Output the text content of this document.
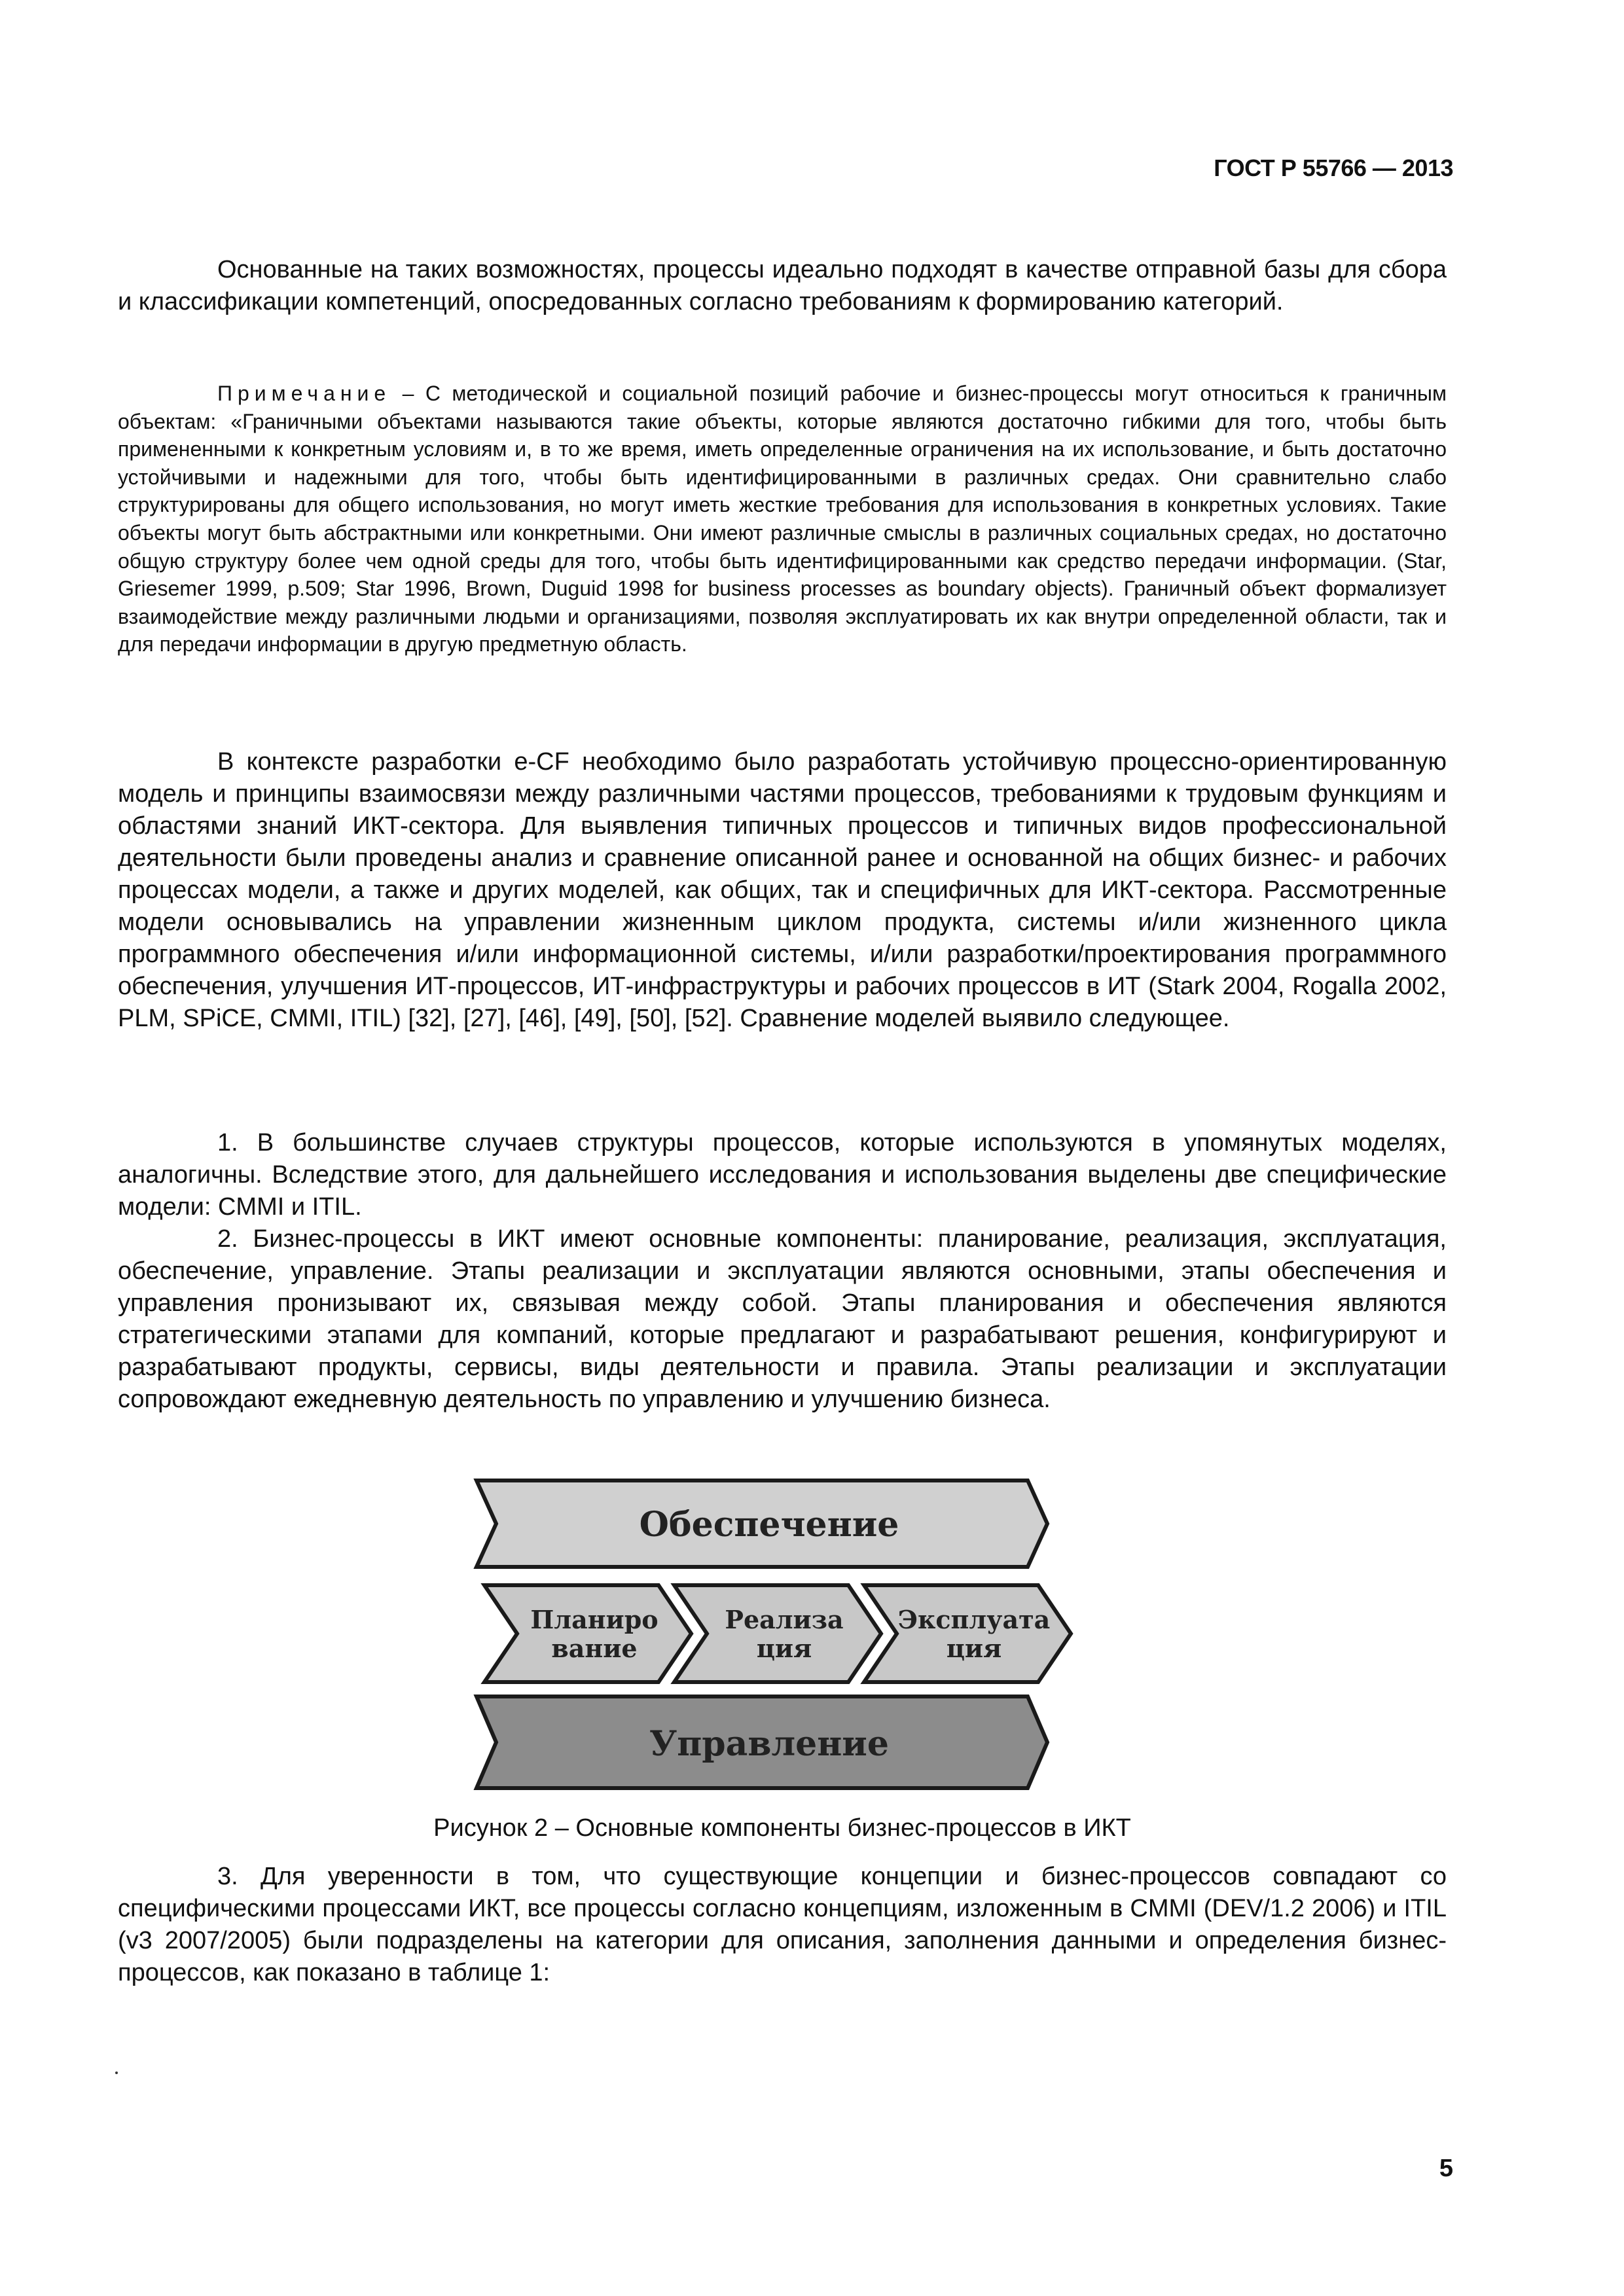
ГОСТ Р 55766 — 2013

Основанные на таких возможностях, процессы идеально подходят в качестве отправной базы для сбора и классификации компетенций, опосредованных согласно требованиям к формированию категорий.

Примечание – С методической и социальной позиций рабочие и бизнес-процессы могут относиться к граничным объектам: «Граничными объектами называются такие объекты, которые являются достаточно гибкими для того, чтобы быть примененными к конкретным условиям и, в то же время, иметь определенные ограничения на их использование, и быть достаточно устойчивыми и надежными для того, чтобы быть идентифицированными в различных средах. Они сравнительно слабо структурированы для общего использования, но могут иметь жесткие требования для использования в конкретных условиях. Такие объекты могут быть абстрактными или конкретными. Они имеют различные смыслы в различных социальных средах, но достаточно общую структуру более чем одной среды для того, чтобы быть идентифицированными как средство передачи информации. (Star, Griesemer 1999, p.509; Star 1996, Brown, Duguid 1998 for business processes as boundary objects). Граничный объект формализует взаимодействие между различными людьми и организациями, позволяя эксплуатировать их как внутри определенной области, так и для передачи информации в другую предметную область.

В контексте разработки e-CF необходимо было разработать устойчивую процессно-ориентированную модель и принципы взаимосвязи между различными частями процессов, требованиями к трудовым функциям и областями знаний ИКТ-сектора. Для выявления типичных процессов и типичных видов профессиональной деятельности были проведены анализ и сравнение описанной ранее и основанной на общих бизнес- и рабочих процессах модели, а также и других моделей, как общих, так и специфичных для ИКТ-сектора. Рассмотренные модели основывались на управлении жизненным циклом продукта, системы и/или жизненного цикла программного обеспечения и/или информационной системы, и/или разработки/проектирования программного обеспечения, улучшения ИТ-процессов, ИТ-инфраструктуры и рабочих процессов в ИТ (Stark 2004, Rogalla 2002, PLM, SPiCE, CMMI, ITIL) [32], [27], [46], [49], [50], [52]. Сравнение моделей выявило следующее.

1. В большинстве случаев структуры процессов, которые используются в упомянутых моделях, аналогичны. Вследствие этого, для дальнейшего исследования и использования выделены две специфические модели: CMMI и ITIL.

2. Бизнес-процессы в ИКТ имеют основные компоненты: планирование, реализация, эксплуатация, обеспечение, управление. Этапы реализации и эксплуатации являются основными, этапы обеспечения и управления пронизывают их, связывая между собой. Этапы планирования и обеспечения являются стратегическими этапами для компаний, которые предлагают и разрабатывают решения, конфигурируют и разрабатывают продукты, сервисы, виды деятельности и правила. Этапы реализации и эксплуатации сопровождают ежедневную деятельность по управлению и улучшению бизнеса.

Обеспечение
Планиро
вание
Реализа
ция
Эксплуата
ция
Управление
Рисунок 2 – Основные компоненты бизнес-процессов в ИКТ

3. Для уверенности в том, что существующие концепции и бизнес-процессов совпадают со специфическими процессами ИКТ, все процессы согласно концепциям, изложенным в CMMI (DEV/1.2 2006) и ITIL (v3 2007/2005) были подразделены на категории для описания, заполнения данными и определения бизнес-процессов, как показано в таблице 1:

5
